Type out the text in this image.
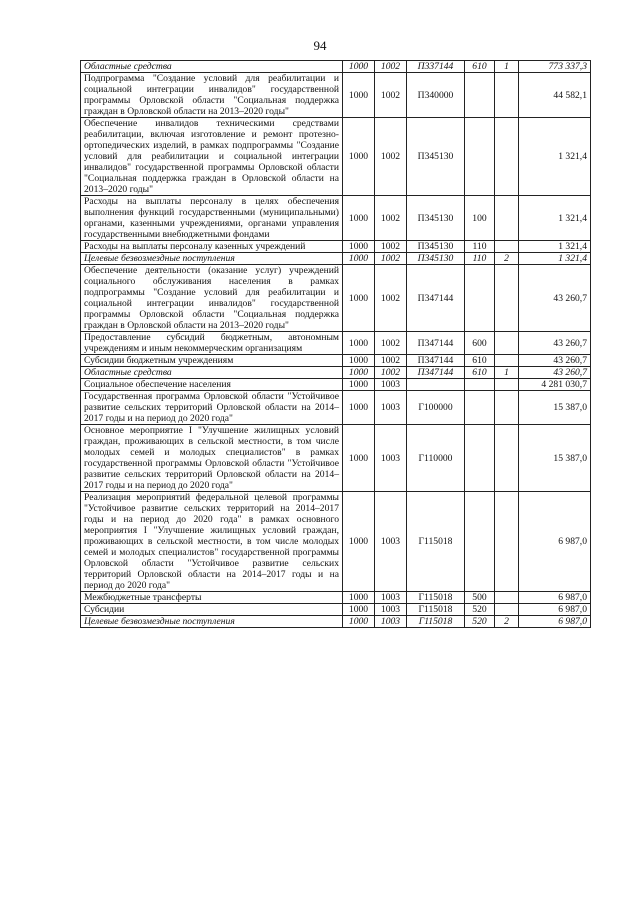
94
Областные средства	1000	1002	П337144	610	1	773 337,3
Подпрограмма "Создание условий для реабилитации и социальной интеграции инвалидов" государственной программы Орловской области "Социальная поддержка граждан в Орловской области на 2013–2020 годы"	1000	1002	П340000			44 582,1
Обеспечение инвалидов техническими средствами реабилитации, включая изготовление и ремонт протезно-ортопедических изделий, в рамках подпрограммы "Создание условий для реабилитации и социальной интеграции инвалидов" государственной программы Орловской области "Социальная поддержка граждан в Орловской области на 2013–2020 годы"	1000	1002	П345130			1 321,4
Расходы на выплаты персоналу в целях обеспечения выполнения функций государственными (муниципальными) органами, казенными учреждениями, органами управления государственными внебюджетными фондами	1000	1002	П345130	100		1 321,4
Расходы на выплаты персоналу казенных учреждений	1000	1002	П345130	110		1 321,4
Целевые безвозмездные поступления	1000	1002	П345130	110	2	1 321,4
Обеспечение деятельности (оказание услуг) учреждений социального обслуживания населения в рамках подпрограммы "Создание условий для реабилитации и социальной интеграции инвалидов" государственной программы Орловской области "Социальная поддержка граждан в Орловской области на 2013–2020 годы"	1000	1002	П347144			43 260,7
Предоставление субсидий бюджетным, автономным учреждениям и иным некоммерческим организациям	1000	1002	П347144	600		43 260,7
Субсидии бюджетным учреждениям	1000	1002	П347144	610		43 260,7
Областные средства	1000	1002	П347144	610	1	43 260,7
Социальное обеспечение населения	1000	1003				4 281 030,7
Государственная программа Орловской области "Устойчивое развитие сельских территорий Орловской области на 2014–2017 годы и на период до 2020 года"	1000	1003	Г100000			15 387,0
Основное мероприятие I "Улучшение жилищных условий граждан, проживающих в сельской местности, в том числе молодых семей и молодых специалистов" в рамках государственной программы Орловской области "Устойчивое развитие сельских территорий Орловской области на 2014–2017 годы и на период до 2020 года"	1000	1003	Г110000			15 387,0
Реализация мероприятий федеральной целевой программы "Устойчивое развитие сельских территорий на 2014–2017 годы и на период до 2020 года" в рамках основного мероприятия I "Улучшение жилищных условий граждан, проживающих в сельской местности, в том числе молодых семей и молодых специалистов" государственной программы Орловской области "Устойчивое развитие сельских территорий Орловской области на 2014–2017 годы и на период до 2020 года"	1000	1003	Г115018			6 987,0
Межбюджетные трансферты	1000	1003	Г115018	500		6 987,0
Субсидии	1000	1003	Г115018	520		6 987,0
Целевые безвозмездные поступления	1000	1003	Г115018	520	2	6 987,0
